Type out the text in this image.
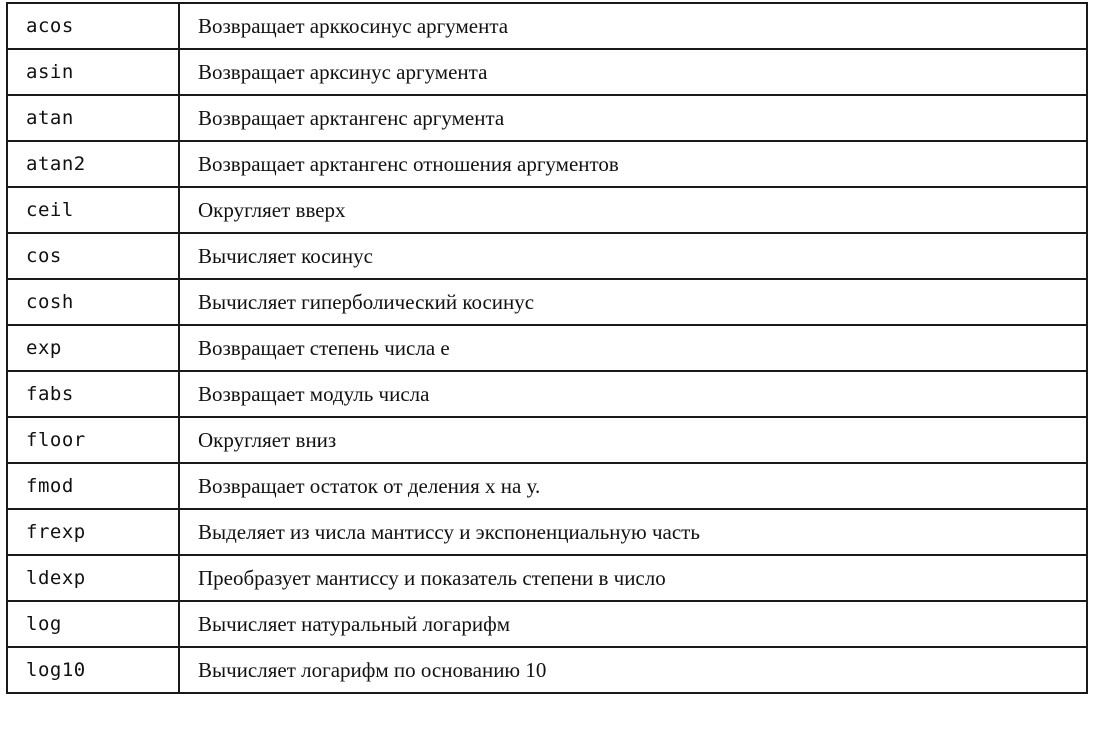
acos	Возвращает арккосинус аргумента
asin	Возвращает арксинус аргумента
atan	Возвращает арктангенс аргумента
atan2	Возвращает арктангенс отношения аргументов
ceil	Округляет вверх
cos	Вычисляет косинус
cosh	Вычисляет гиперболический косинус
exp	Возвращает степень числа е
fabs	Возвращает модуль числа
floor	Округляет вниз
fmod	Возвращает остаток от деления х на у.
frexp	Выделяет из числа мантиссу и экспоненциальную часть
ldexp	Преобразует мантиссу и показатель степени в число
log	Вычисляет натуральный логарифм
log10	Вычисляет логарифм по основанию 10
